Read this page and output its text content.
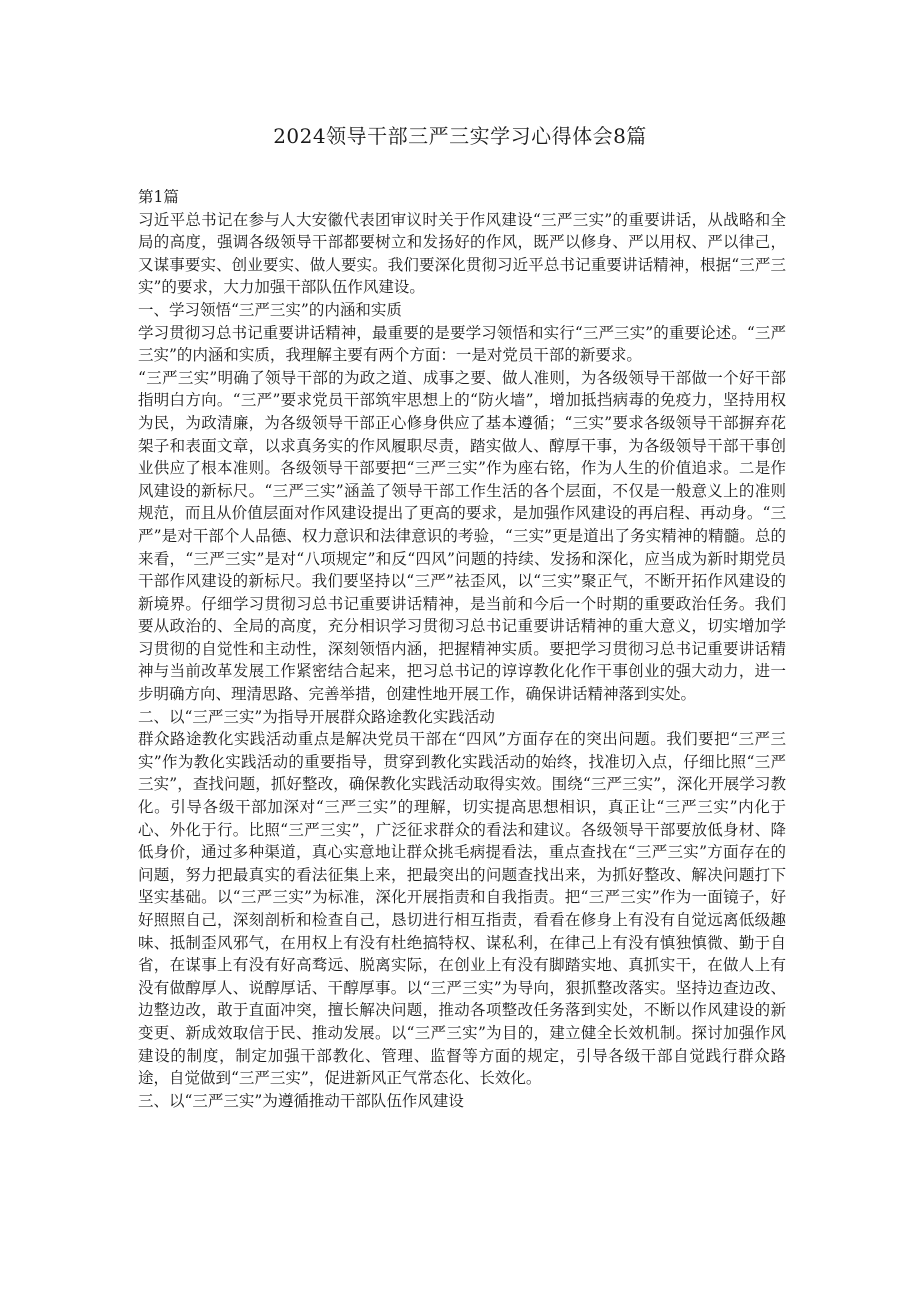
2024领导干部三严三实学习心得体会8篇

第1篇

习近平总书记在参与人大安徽代表团审议时关于作风建设“三严三实”的重要讲话，从战略和全局的高度，强调各级领导干部都要树立和发扬好的作风，既严以修身、严以用权、严以律己，又谋事要实、创业要实、做人要实。我们要深化贯彻习近平总书记重要讲话精神，根据“三严三实”的要求，大力加强干部队伍作风建设。

一、学习领悟“三严三实”的内涵和实质

学习贯彻习总书记重要讲话精神，最重要的是要学习领悟和实行“三严三实”的重要论述。“三严三实”的内涵和实质，我理解主要有两个方面：一是对党员干部的新要求。

“三严三实”明确了领导干部的为政之道、成事之要、做人准则，为各级领导干部做一个好干部指明白方向。“三严”要求党员干部筑牢思想上的“防火墙”，增加抵挡病毒的免疫力，坚持用权为民，为政清廉，为各级领导干部正心修身供应了基本遵循；“三实”要求各级领导干部摒弃花架子和表面文章，以求真务实的作风履职尽责，踏实做人、醇厚干事，为各级领导干部干事创业供应了根本准则。各级领导干部要把“三严三实”作为座右铭，作为人生的价值追求。二是作风建设的新标尺。“三严三实”涵盖了领导干部工作生活的各个层面，不仅是一般意义上的准则规范，而且从价值层面对作风建设提出了更高的要求，是加强作风建设的再启程、再动身。“三严”是对干部个人品德、权力意识和法律意识的考验，“三实”更是道出了务实精神的精髓。总的来看，“三严三实”是对“八项规定”和反“四风”问题的持续、发扬和深化，应当成为新时期党员干部作风建设的新标尺。我们要坚持以“三严”祛歪风，以“三实”聚正气，不断开拓作风建设的新境界。仔细学习贯彻习总书记重要讲话精神，是当前和今后一个时期的重要政治任务。我们要从政治的、全局的高度，充分相识学习贯彻习总书记重要讲话精神的重大意义，切实增加学习贯彻的自觉性和主动性，深刻领悟内涵，把握精神实质。要把学习贯彻习总书记重要讲话精神与当前改革发展工作紧密结合起来，把习总书记的谆谆教化化作干事创业的强大动力，进一步明确方向、理清思路、完善举措，创建性地开展工作，确保讲话精神落到实处。

二、以“三严三实”为指导开展群众路途教化实践活动

群众路途教化实践活动重点是解决党员干部在“四风”方面存在的突出问题。我们要把“三严三实”作为教化实践活动的重要指导，贯穿到教化实践活动的始终，找准切入点，仔细比照“三严三实”，查找问题，抓好整改，确保教化实践活动取得实效。围绕“三严三实”，深化开展学习教化。引导各级干部加深对“三严三实”的理解，切实提高思想相识，真正让“三严三实”内化于心、外化于行。比照“三严三实”，广泛征求群众的看法和建议。各级领导干部要放低身材、降低身价，通过多种渠道，真心实意地让群众挑毛病提看法，重点查找在“三严三实”方面存在的问题，努力把最真实的看法征集上来，把最突出的问题查找出来，为抓好整改、解决问题打下坚实基础。以“三严三实”为标准，深化开展指责和自我指责。把“三严三实”作为一面镜子，好好照照自己，深刻剖析和检查自己，恳切进行相互指责，看看在修身上有没有自觉远离低级趣味、抵制歪风邪气，在用权上有没有杜绝搞特权、谋私利，在律己上有没有慎独慎微、勤于自省，在谋事上有没有好高骛远、脱离实际，在创业上有没有脚踏实地、真抓实干，在做人上有没有做醇厚人、说醇厚话、干醇厚事。以“三严三实”为导向，狠抓整改落实。坚持边查边改、边整边改，敢于直面冲突，擅长解决问题，推动各项整改任务落到实处，不断以作风建设的新变更、新成效取信于民、推动发展。以“三严三实”为目的，建立健全长效机制。探讨加强作风建设的制度，制定加强干部教化、管理、监督等方面的规定，引导各级干部自觉践行群众路途，自觉做到“三严三实”，促进新风正气常态化、长效化。

三、以“三严三实”为遵循推动干部队伍作风建设
